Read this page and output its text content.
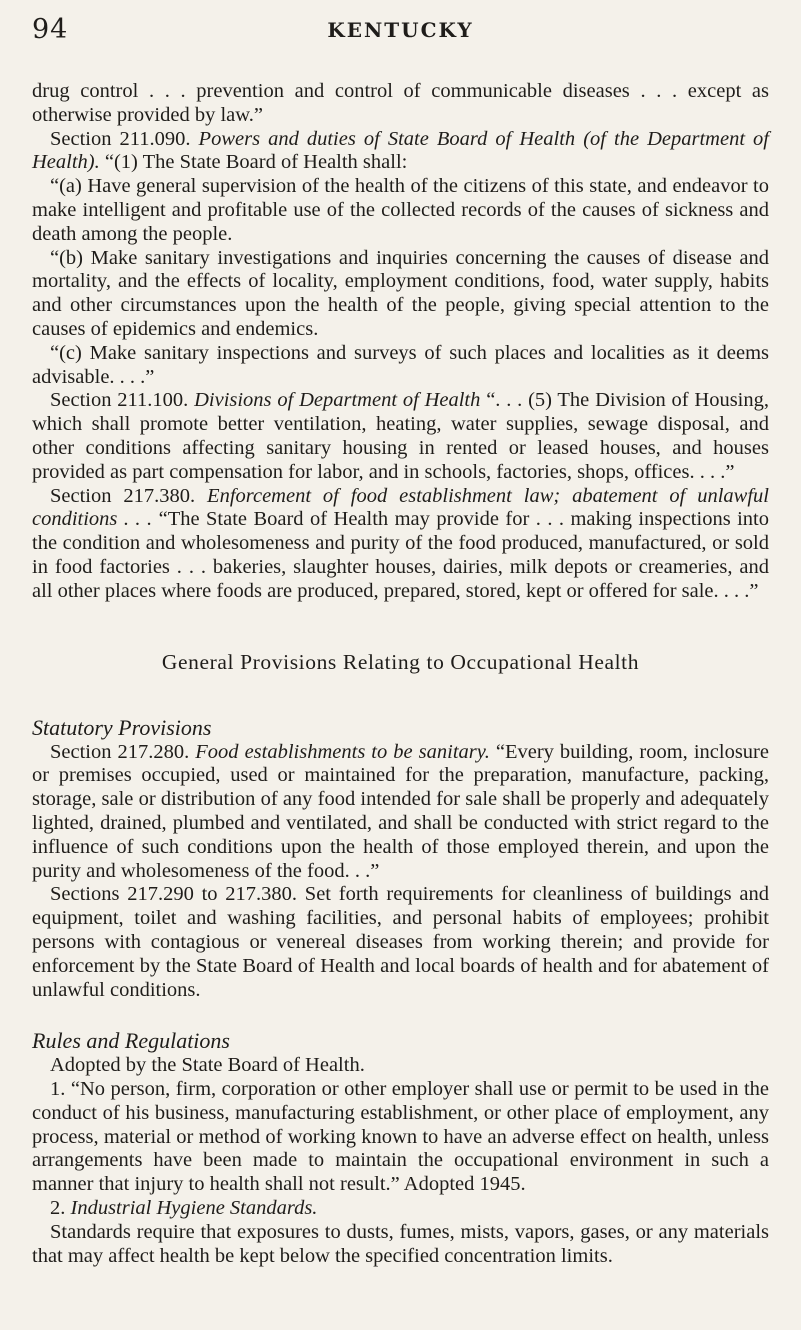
94	KENTUCKY

drug control . . . prevention and control of communicable diseases . . . except as otherwise provided by law.”

Section 211.090. Powers and duties of State Board of Health (of the Department of Health). “(1) The State Board of Health shall:

“(a) Have general supervision of the health of the citizens of this state, and endeavor to make intelligent and profitable use of the collected records of the causes of sickness and death among the people.

“(b) Make sanitary investigations and inquiries concerning the causes of disease and mortality, and the effects of locality, employment conditions, food, water supply, habits and other circumstances upon the health of the people, giving special attention to the causes of epidemics and endemics.

“(c) Make sanitary inspections and surveys of such places and localities as it deems advisable. . . .”

Section 211.100. Divisions of Department of Health “. . . (5) The Division of Housing, which shall promote better ventilation, heating, water supplies, sewage disposal, and other conditions affecting sanitary housing in rented or leased houses, and houses provided as part compensation for labor, and in schools, factories, shops, offices. . . .”

Section 217.380. Enforcement of food establishment law; abatement of unlawful conditions . . . “The State Board of Health may provide for . . . making inspections into the condition and wholesomeness and purity of the food produced, manufactured, or sold in food factories . . . bakeries, slaughter houses, dairies, milk depots or creameries, and all other places where foods are produced, prepared, stored, kept or offered for sale. . . .”

General Provisions Relating to Occupational Health
Statutory Provisions

Section 217.280. Food establishments to be sanitary. “Every building, room, inclosure or premises occupied, used or maintained for the preparation, manufacture, packing, storage, sale or distribution of any food intended for sale shall be properly and adequately lighted, drained, plumbed and ventilated, and shall be conducted with strict regard to the influence of such conditions upon the health of those employed therein, and upon the purity and wholesomeness of the food. . .”

Sections 217.290 to 217.380. Set forth requirements for cleanliness of buildings and equipment, toilet and washing facilities, and personal habits of employees; prohibit persons with contagious or venereal diseases from working therein; and provide for enforcement by the State Board of Health and local boards of health and for abatement of unlawful conditions.

Rules and Regulations

Adopted by the State Board of Health.

1. “No person, firm, corporation or other employer shall use or permit to be used in the conduct of his business, manufacturing establishment, or other place of employment, any process, material or method of working known to have an adverse effect on health, unless arrangements have been made to maintain the occupational environment in such a manner that injury to health shall not result.” Adopted 1945.

2. Industrial Hygiene Standards.

Standards require that exposures to dusts, fumes, mists, vapors, gases, or any materials that may affect health be kept below the specified concentration limits.
